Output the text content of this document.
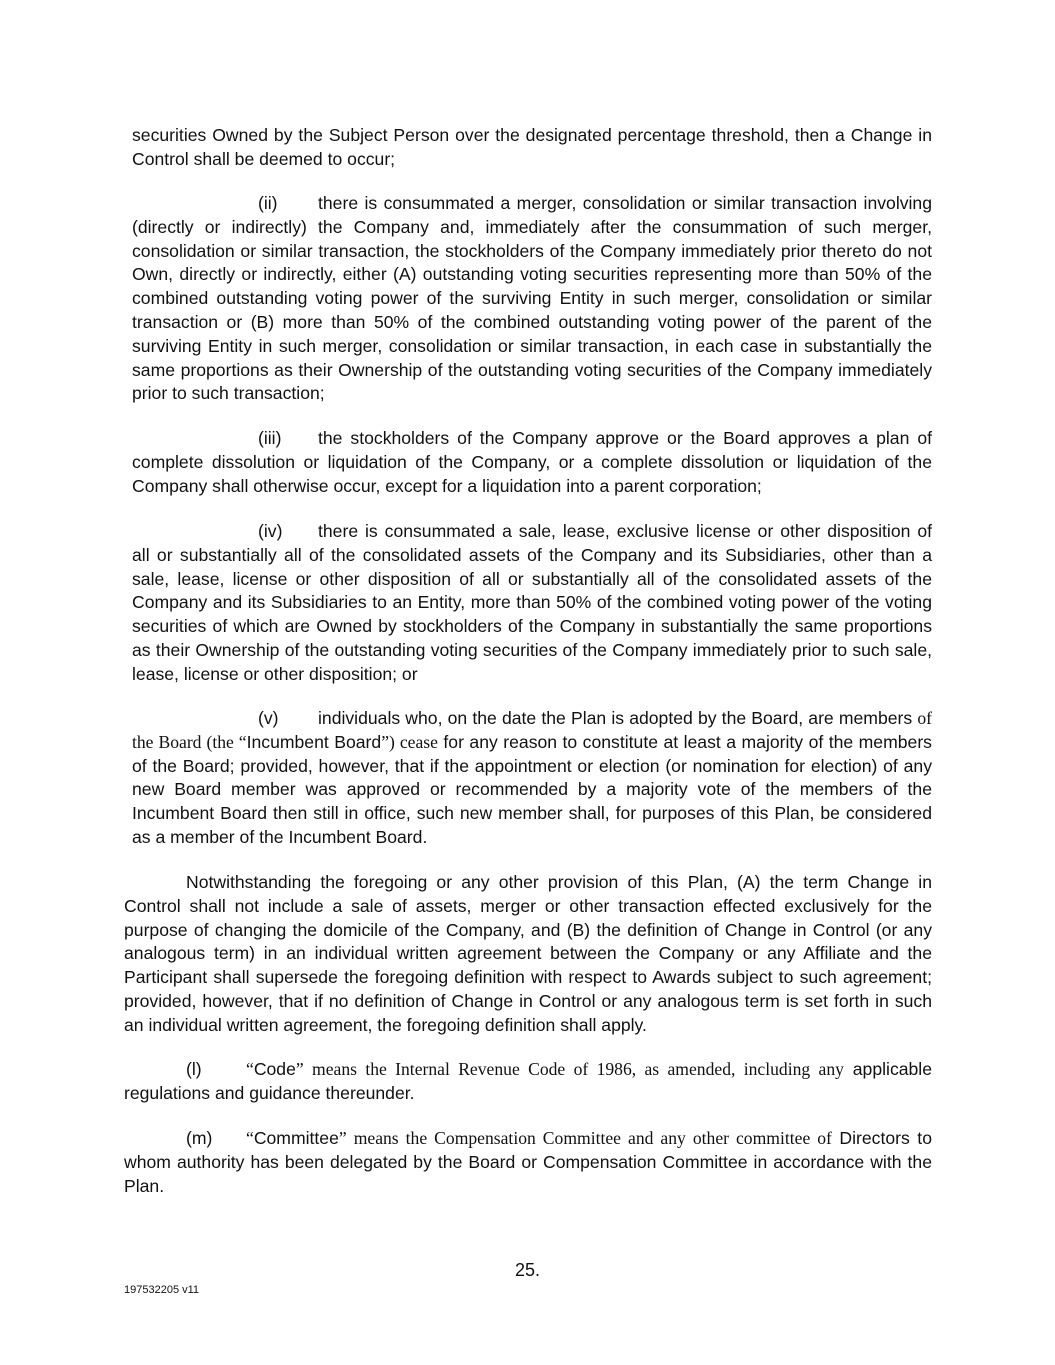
securities Owned by the Subject Person over the designated percentage threshold, then a Change in Control shall be deemed to occur;

(ii) there is consummated a merger, consolidation or similar transaction involving (directly or indirectly) the Company and, immediately after the consummation of such merger, consolidation or similar transaction, the stockholders of the Company immediately prior thereto do not Own, directly or indirectly, either (A) outstanding voting securities representing more than 50% of the combined outstanding voting power of the surviving Entity in such merger, consolidation or similar transaction or (B) more than 50% of the combined outstanding voting power of the parent of the surviving Entity in such merger, consolidation or similar transaction, in each case in substantially the same proportions as their Ownership of the outstanding voting securities of the Company immediately prior to such transaction;

(iii) the stockholders of the Company approve or the Board approves a plan of complete dissolution or liquidation of the Company, or a complete dissolution or liquidation of the Company shall otherwise occur, except for a liquidation into a parent corporation;

(iv) there is consummated a sale, lease, exclusive license or other disposition of all or substantially all of the consolidated assets of the Company and its Subsidiaries, other than a sale, lease, license or other disposition of all or substantially all of the consolidated assets of the Company and its Subsidiaries to an Entity, more than 50% of the combined voting power of the voting securities of which are Owned by stockholders of the Company in substantially the same proportions as their Ownership of the outstanding voting securities of the Company immediately prior to such sale, lease, license or other disposition; or

(v) individuals who, on the date the Plan is adopted by the Board, are members of the Board (the “Incumbent Board”) cease for any reason to constitute at least a majority of the members of the Board; provided, however, that if the appointment or election (or nomination for election) of any new Board member was approved or recommended by a majority vote of the members of the Incumbent Board then still in office, such new member shall, for purposes of this Plan, be considered as a member of the Incumbent Board.

Notwithstanding the foregoing or any other provision of this Plan, (A) the term Change in Control shall not include a sale of assets, merger or other transaction effected exclusively for the purpose of changing the domicile of the Company, and (B) the definition of Change in Control (or any analogous term) in an individual written agreement between the Company or any Affiliate and the Participant shall supersede the foregoing definition with respect to Awards subject to such agreement; provided, however, that if no definition of Change in Control or any analogous term is set forth in such an individual written agreement, the foregoing definition shall apply.

(l)	“Code” means the Internal Revenue Code of 1986, as amended, including any applicable regulations and guidance thereunder.

(m) “Committee” means the Compensation Committee and any other committee of Directors to whom authority has been delegated by the Board or Compensation Committee in accordance with the Plan.

25.
197532205 v11
